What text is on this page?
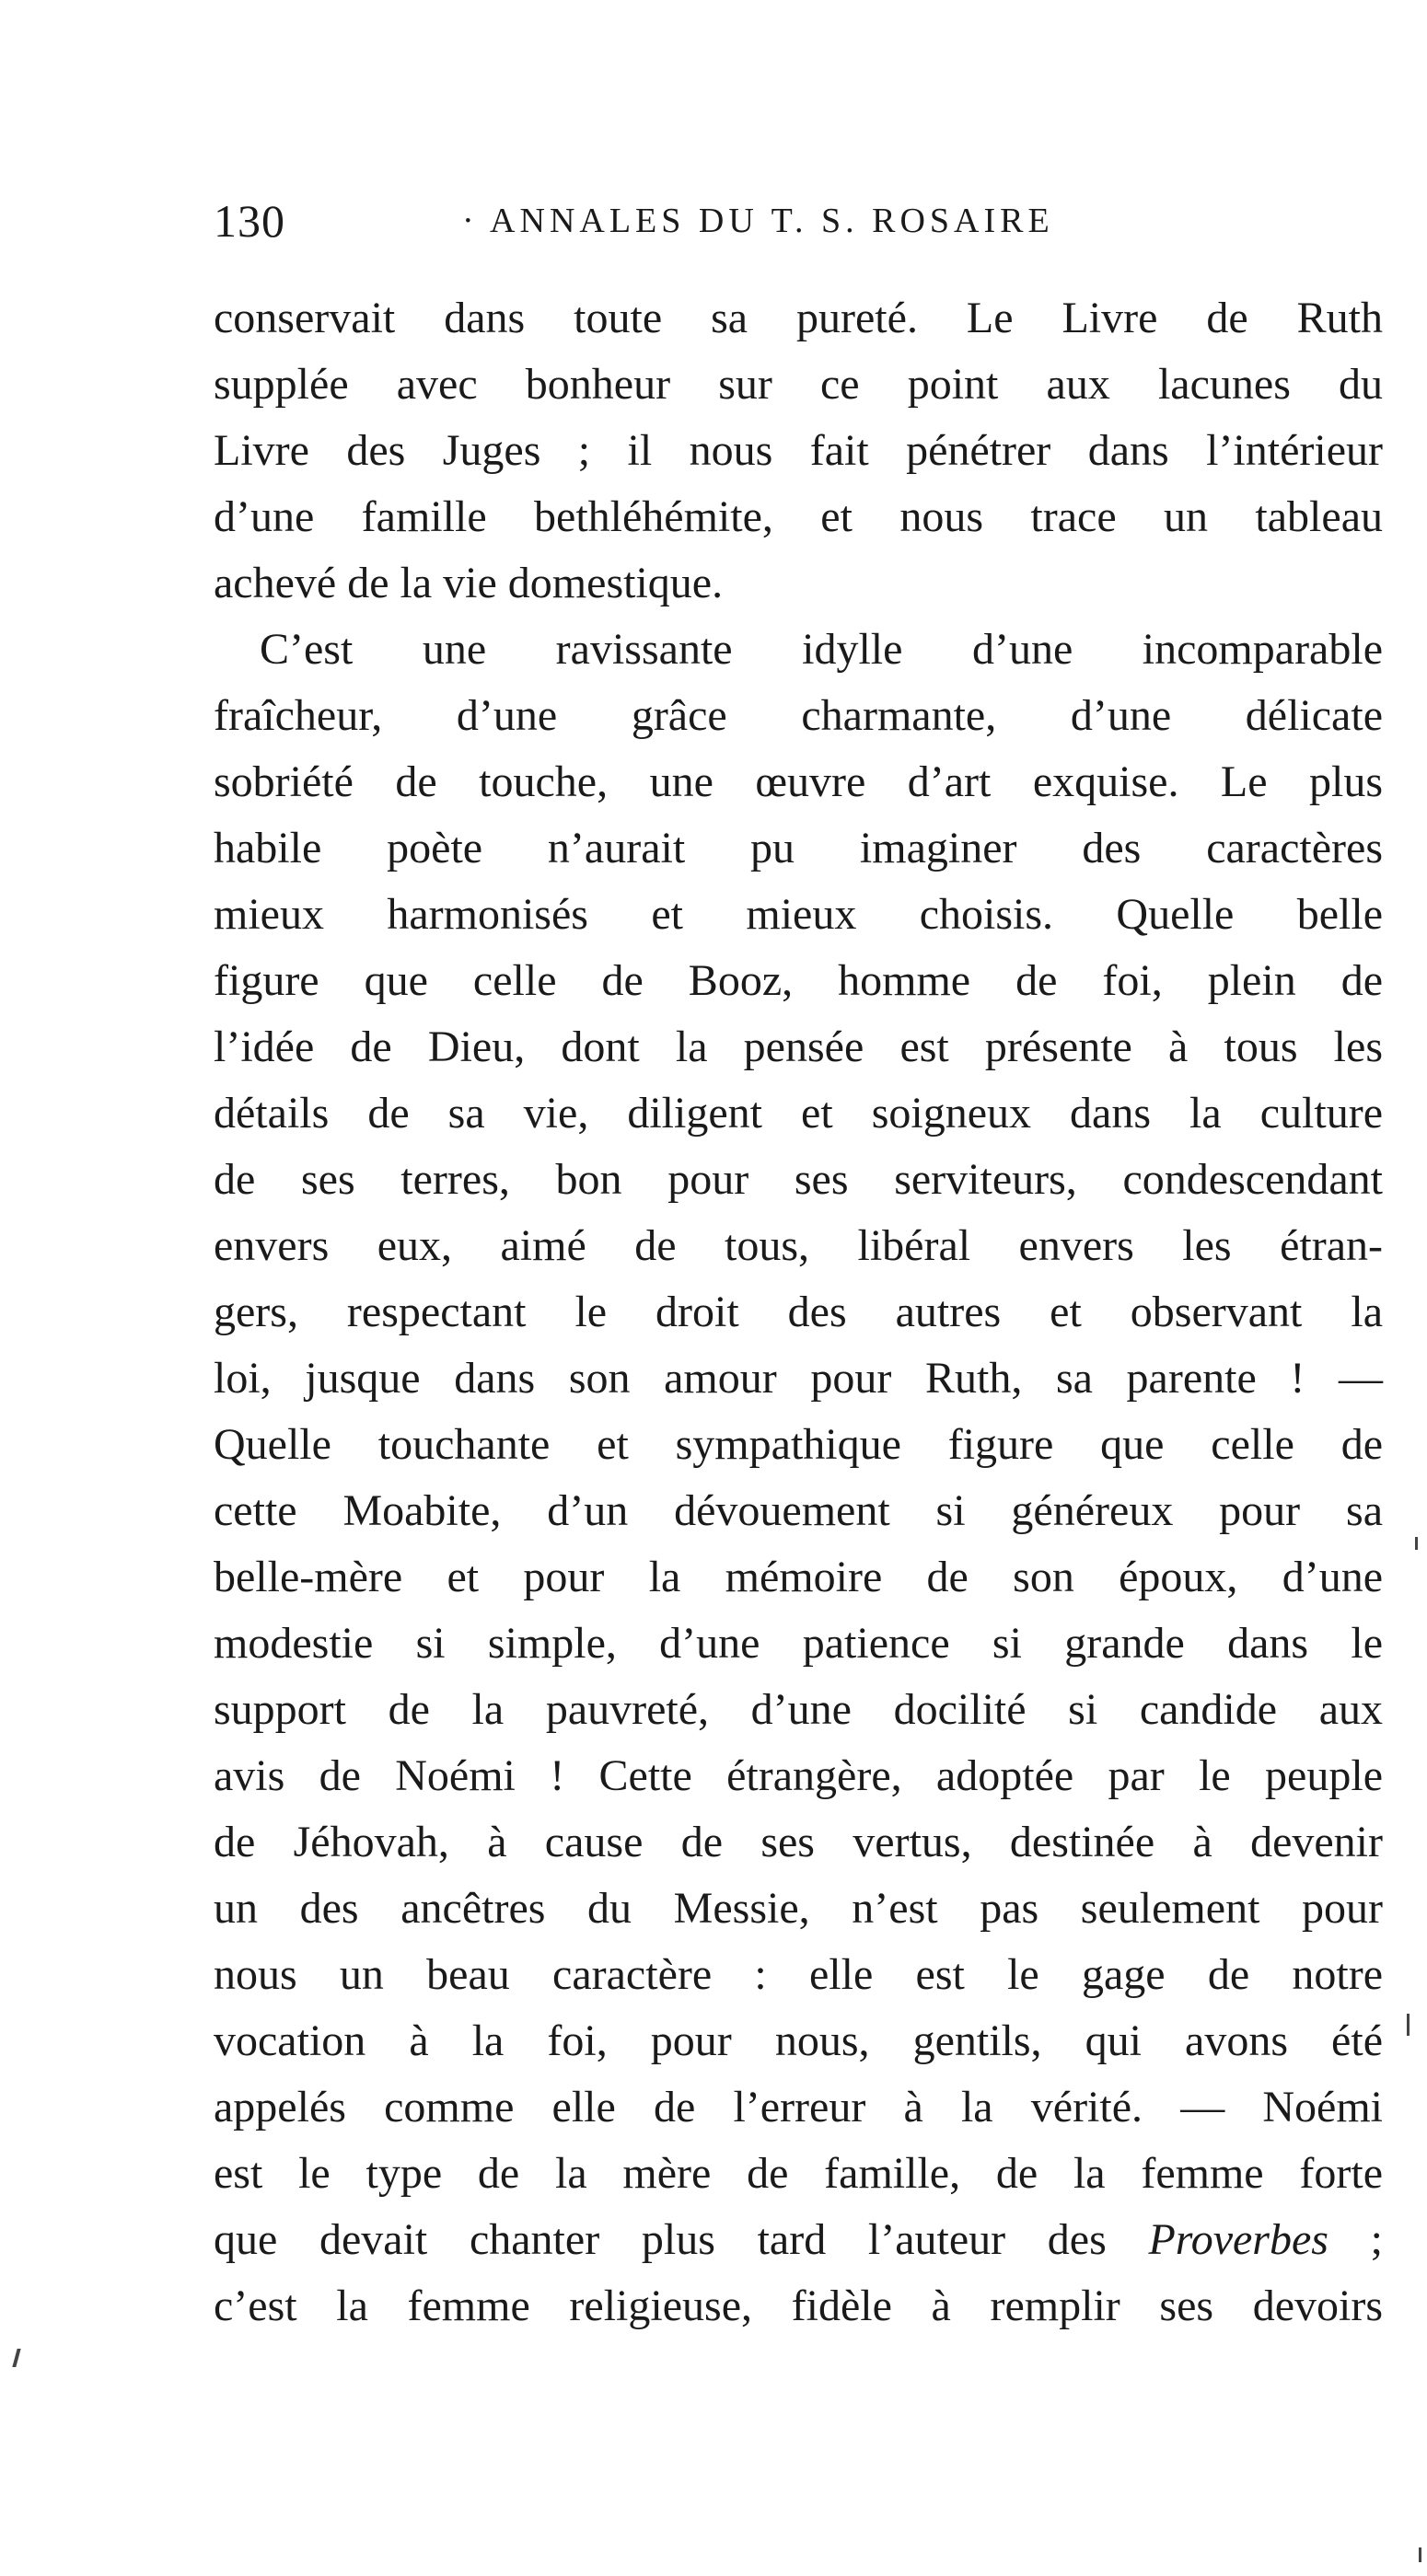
130	· ANNALES DU T. S. ROSAIRE
conservait dans toute sa pureté. Le Livre de Ruth
supplée avec bonheur sur ce point aux lacunes du
Livre des Juges ; il nous fait pénétrer dans l’intérieur
d’une famille bethléhémite, et nous trace un tableau
achevé de la vie domestique.
C’est une ravissante idylle d’une incomparable
fraîcheur, d’une grâce charmante, d’une délicate
sobriété de touche, une œuvre d’art exquise. Le plus
habile poète n’aurait pu imaginer des caractères
mieux harmonisés et mieux choisis. Quelle belle
figure que celle de Booz, homme de foi, plein de
l’idée de Dieu, dont la pensée est présente à tous les
détails de sa vie, diligent et soigneux dans la culture
de ses terres, bon pour ses serviteurs, condescendant
envers eux, aimé de tous, libéral envers les étran-
gers, respectant le droit des autres et observant la
loi, jusque dans son amour pour Ruth, sa parente ! —
Quelle touchante et sympathique figure que celle de
cette Moabite, d’un dévouement si généreux pour sa
belle-mère et pour la mémoire de son époux, d’une
modestie si simple, d’une patience si grande dans le
support de la pauvreté, d’une docilité si candide aux
avis de Noémi ! Cette étrangère, adoptée par le peuple
de Jéhovah, à cause de ses vertus, destinée à devenir
un des ancêtres du Messie, n’est pas seulement pour
nous un beau caractère : elle est le gage de notre
vocation à la foi, pour nous, gentils, qui avons été
appelés comme elle de l’erreur à la vérité. — Noémi
est le type de la mère de famille, de la femme forte
que devait chanter plus tard l’auteur des Proverbes ;
c’est la femme religieuse, fidèle à remplir ses devoirs
